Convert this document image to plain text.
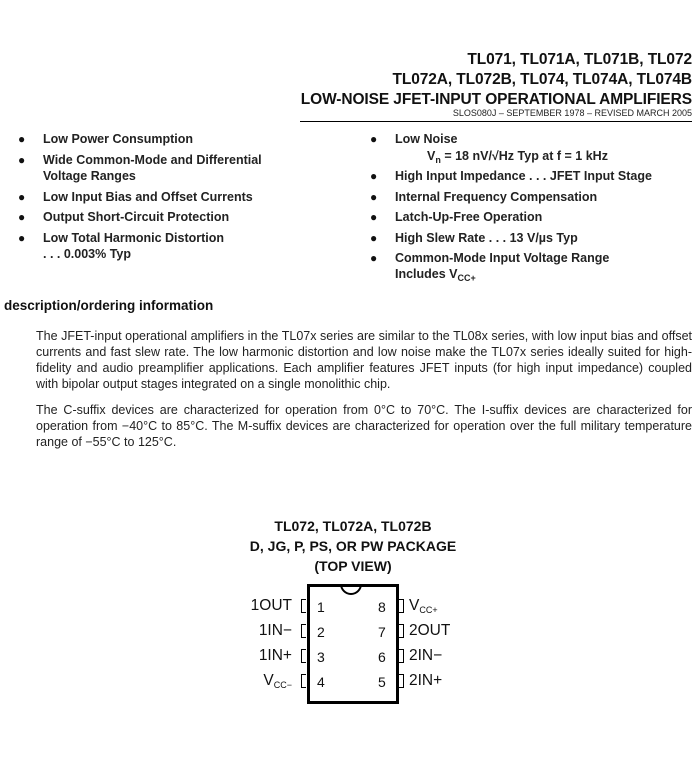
TL071, TL071A, TL071B, TL072
TL072A, TL072B, TL074, TL074A, TL074B
LOW-NOISE JFET-INPUT OPERATIONAL AMPLIFIERS
SLOS080J – SEPTEMBER 1978 – REVISED MARCH 2005
● Low Power Consumption
● Wide Common-Mode and Differential
Voltage Ranges
● Low Input Bias and Offset Currents
● Output Short-Circuit Protection
● Low Total Harmonic Distortion
. . . 0.003% Typ
● Low Noise
$V_n = 18$ nV/√Hz Typ at f = 1 kHz
● High Input Impedance . . . JFET Input Stage
● Internal Frequency Compensation
● Latch-Up-Free Operation
● High Slew Rate . . . 13 V/µs Typ
● Common-Mode Input Voltage Range
Includes $V_{CC+}$
description/ordering information
The JFET-input operational amplifiers in the TL07x series are similar to the TL08x series, with low input bias and offset currents and fast slew rate. The low harmonic distortion and low noise make the TL07x series ideally suited for high-fidelity and audio preamplifier applications. Each amplifier features JFET inputs (for high input impedance) coupled with bipolar output stages integrated on a single monolithic chip.
The C-suffix devices are characterized for operation from 0°C to 70°C. The I-suffix devices are characterized for operation from −40°C to 85°C. The M-suffix devices are characterized for operation over the full military temperature range of −55°C to 125°C.
TL072, TL072A, TL072B
D, JG, P, PS, OR PW PACKAGE
(TOP VIEW)
1
1OUT
2
1IN−
3
1IN+
4
$V_{CC-}$
8 $V_{CC+}$
7 2OUT
6 2IN−
5 2IN+
